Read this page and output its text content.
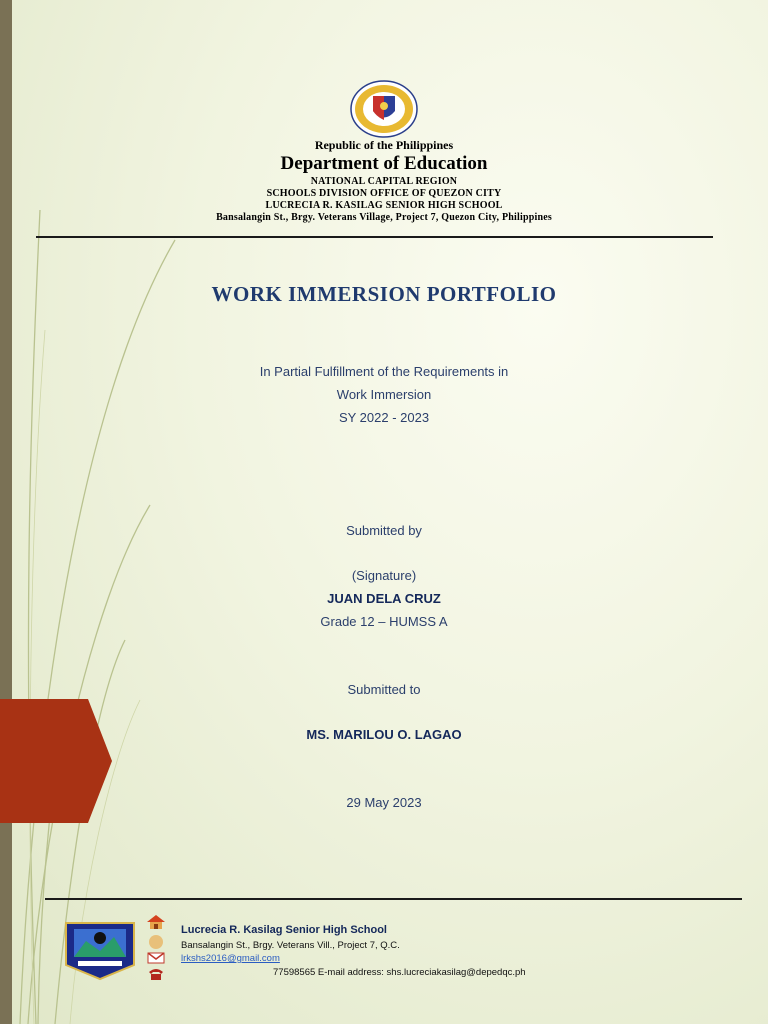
Republic of the Philippines
Department of Education
NATIONAL CAPITAL REGION
SCHOOLS DIVISION OFFICE OF QUEZON CITY
LUCRECIA R. KASILAG SENIOR HIGH SCHOOL
Bansalangin St., Brgy. Veterans Village, Project 7, Quezon City, Philippines
WORK IMMERSION PORTFOLIO
In Partial Fulfillment of the Requirements in
Work Immersion
SY 2022 - 2023
Submitted by
(Signature)
JUAN DELA CRUZ
Grade 12 – HUMSS A
Submitted to
MS. MARILOU O. LAGAO
29 May 2023
Lucrecia R. Kasilag Senior High School
Bansalangin St., Brgy. Veterans Vill., Project 7, Q.C.
lrkshs2016@gmail.com
77598565 E-mail address: shs.lucreciakasilag@depedqc.ph
